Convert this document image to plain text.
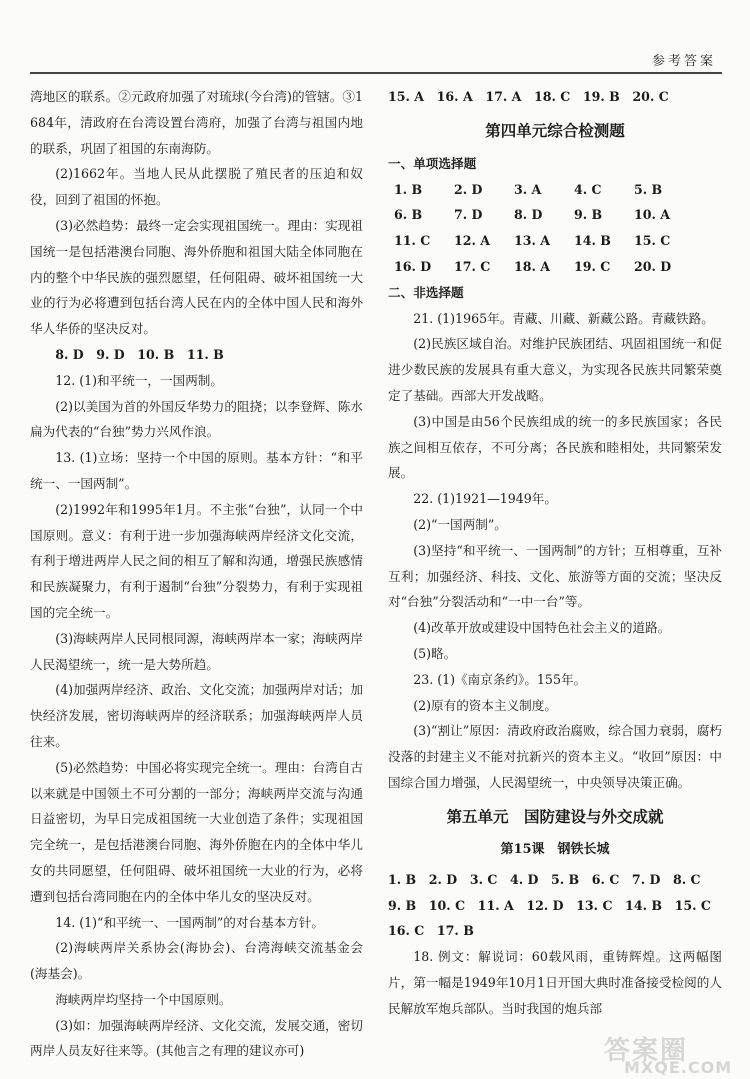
参考答案

湾地区的联系。②元政府加强了对琉球(今台湾)的管辖。③1684年，清政府在台湾设置台湾府，加强了台湾与祖国内地的联系，巩固了祖国的东南海防。

(2)1662年。当地人民从此摆脱了殖民者的压迫和奴役，回到了祖国的怀抱。

(3)必然趋势：最终一定会实现祖国统一。理由：实现祖国统一是包括港澳台同胞、海外侨胞和祖国大陆全体同胞在内的整个中华民族的强烈愿望，任何阻碍、破坏祖国统一大业的行为必将遭到包括台湾人民在内的全体中国人民和海外华人华侨的坚决反对。

8. D　9. D　10. B　11. B

12. (1)和平统一，一国两制。

(2)以美国为首的外国反华势力的阻挠；以李登辉、陈水扁为代表的“台独”势力兴风作浪。

13. (1)立场：坚持一个中国的原则。基本方针：“和平统一、一国两制”。

(2)1992年和1995年1月。不主张“台独”，认同一个中国原则。意义：有利于进一步加强海峡两岸经济文化交流，有利于增进两岸人民之间的相互了解和沟通，增强民族感情和民族凝聚力，有利于遏制“台独”分裂势力，有利于实现祖国的完全统一。

(3)海峡两岸人民同根同源，海峡两岸本一家；海峡两岸人民渴望统一，统一是大势所趋。

(4)加强两岸经济、政治、文化交流；加强两岸对话；加快经济发展，密切海峡两岸的经济联系；加强海峡两岸人员往来。

(5)必然趋势：中国必将实现完全统一。理由：台湾自古以来就是中国领土不可分割的一部分；海峡两岸交流与沟通日益密切，为早日完成祖国统一大业创造了条件；实现祖国完全统一，是包括港澳台同胞、海外侨胞在内的全体中华儿女的共同愿望，任何阻碍、破坏祖国统一大业的行为，必将遭到包括台湾同胞在内的全体中华儿女的坚决反对。

14. (1)“和平统一、一国两制”的对台基本方针。

(2)海峡两岸关系协会(海协会)、台湾海峡交流基金会(海基会)。

海峡两岸均坚持一个中国原则。

(3)如：加强海峡两岸经济、文化交流，发展交通，密切两岸人员友好往来等。(其他言之有理的建议亦可)

15. A　16. A　17. A　18. C　19. B　20. C

第四单元综合检测题

一、单项选择题

1. B	2. D	3. A	4. C	5. B
6. B	7. D	8. D	9. B	10. A
11. C	12. A	13. A	14. B	15. C
16. D	17. C	18. A	19. C	20. D

二、非选择题

21. (1)1965年。青藏、川藏、新藏公路。青藏铁路。

(2)民族区域自治。对维护民族团结、巩固祖国统一和促进少数民族的发展具有重大意义，为实现各民族共同繁荣奠定了基础。西部大开发战略。

(3)中国是由56个民族组成的统一的多民族国家；各民族之间相互依存，不可分离；各民族和睦相处，共同繁荣发展。

22. (1)1921—1949年。

(2)“一国两制”。

(3)坚持“和平统一、一国两制”的方针；互相尊重，互补互利；加强经济、科技、文化、旅游等方面的交流；坚决反对“台独”分裂活动和“一中一台”等。

(4)改革开放或建设中国特色社会主义的道路。

(5)略。

23. (1)《南京条约》。155年。

(2)原有的资本主义制度。

(3)“割让”原因：清政府政治腐败，综合国力衰弱，腐朽没落的封建主义不能对抗新兴的资本主义。“收回”原因：中国综合国力增强，人民渴望统一，中央领导决策正确。

第五单元　国防建设与外交成就
第15课　钢铁长城

1. B　2. D　3. C　4. D　5. B　6. C　7. D　8. C

9. B　10. C　11. A　12. D　13. C　14. B　15. C

16. C　17. B

18. 例文：解说词：60载风雨，重铸辉煌。这两幅图片，第一幅是1949年10月1日开国大典时准备接受检阅的人民解放军炮兵部队。当时我国的炮兵部

答案圈
MXQE.COM
